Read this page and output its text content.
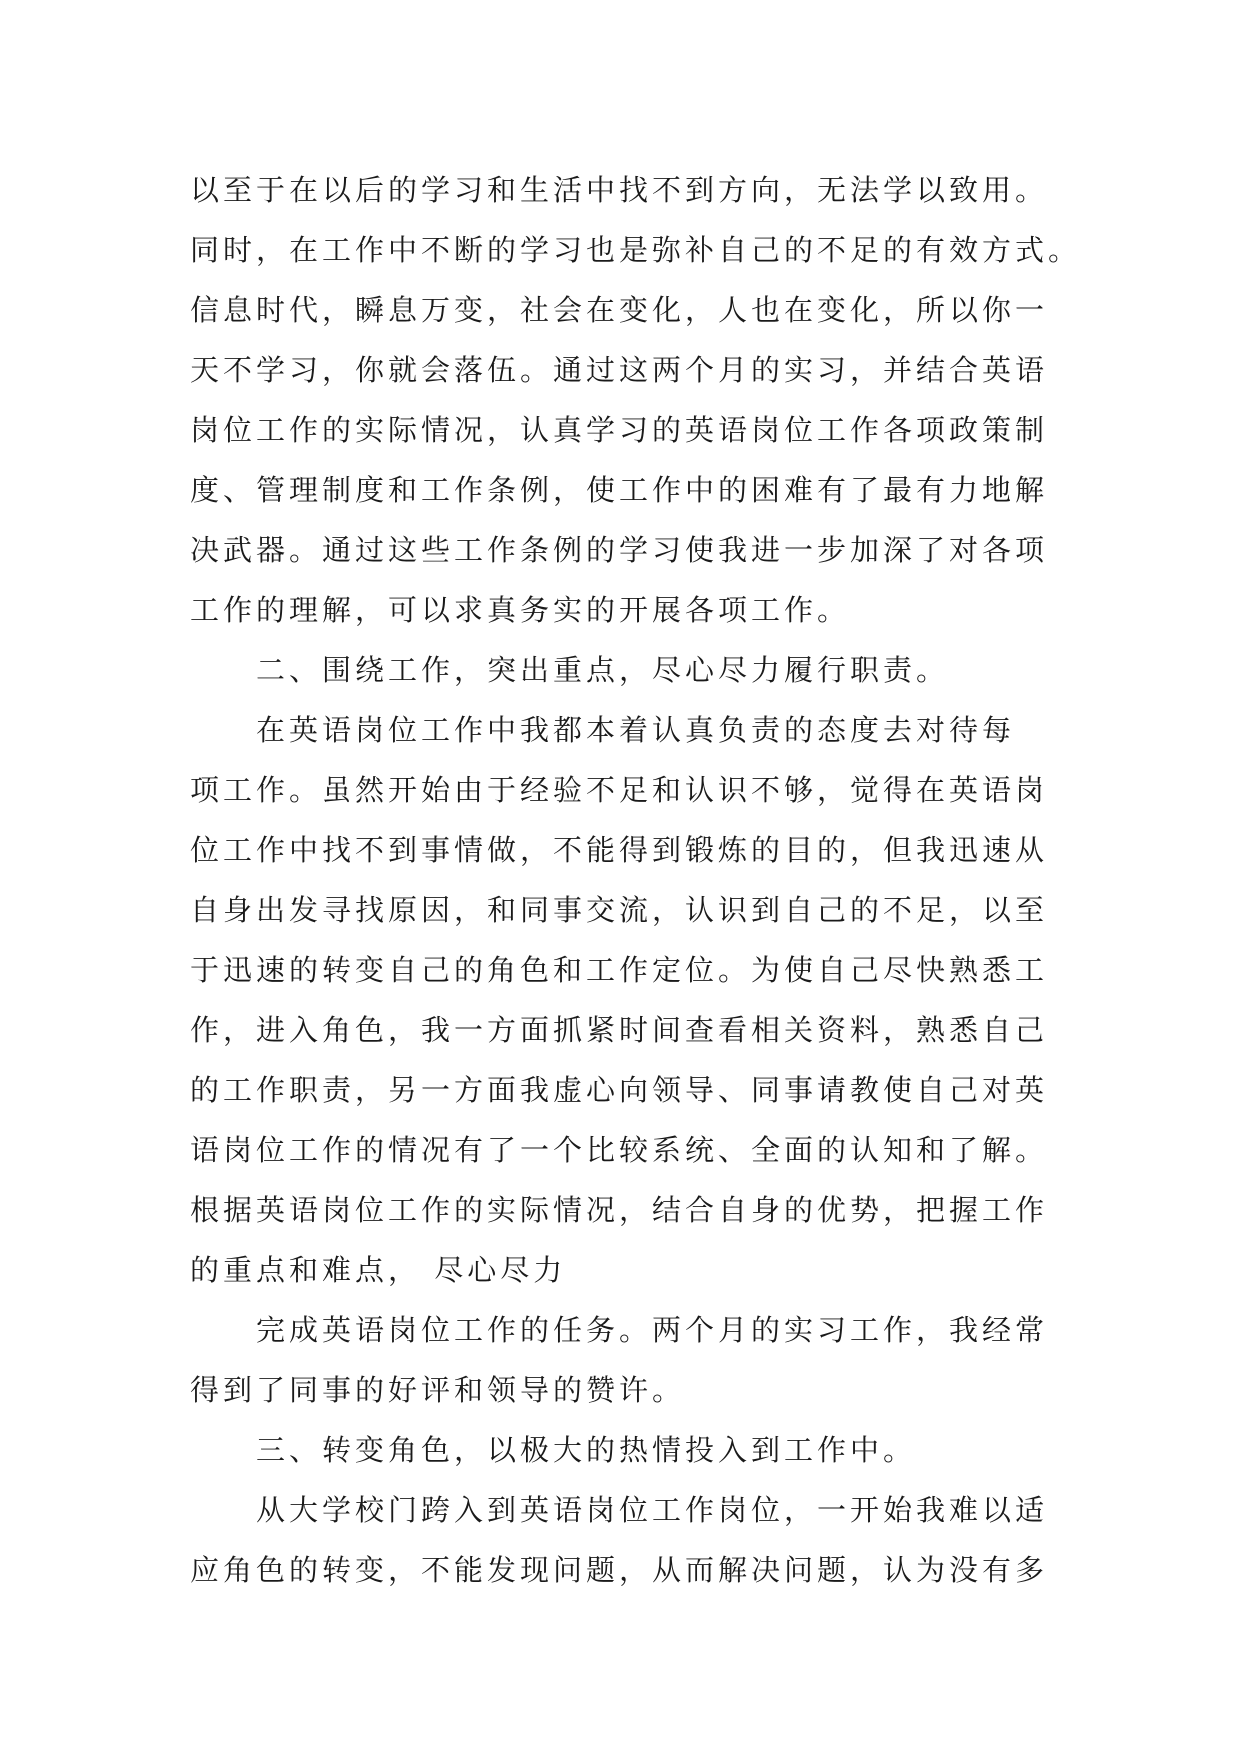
以至于在以后的学习和生活中找不到方向，无法学以致用。
同时，在工作中不断的学习也是弥补自己的不足的有效方式。
信息时代，瞬息万变，社会在变化，人也在变化，所以你一
天不学习，你就会落伍。通过这两个月的实习，并结合英语
岗位工作的实际情况，认真学习的英语岗位工作各项政策制
度、管理制度和工作条例，使工作中的困难有了最有力地解
决武器。通过这些工作条例的学习使我进一步加深了对各项
工作的理解，可以求真务实的开展各项工作。
二、围绕工作，突出重点，尽心尽力履行职责。
在英语岗位工作中我都本着认真负责的态度去对待每
项工作。虽然开始由于经验不足和认识不够，觉得在英语岗
位工作中找不到事情做，不能得到锻炼的目的，但我迅速从
自身出发寻找原因，和同事交流，认识到自己的不足，以至
于迅速的转变自己的角色和工作定位。为使自己尽快熟悉工
作，进入角色，我一方面抓紧时间查看相关资料，熟悉自己
的工作职责，另一方面我虚心向领导、同事请教使自己对英
语岗位工作的情况有了一个比较系统、全面的认知和了解。
根据英语岗位工作的实际情况，结合自身的优势，把握工作
的重点和难点， 尽心尽力
完成英语岗位工作的任务。两个月的实习工作，我经常
得到了同事的好评和领导的赞许。
三、转变角色，以极大的热情投入到工作中。
从大学校门跨入到英语岗位工作岗位，一开始我难以适
应角色的转变，不能发现问题，从而解决问题，认为没有多
